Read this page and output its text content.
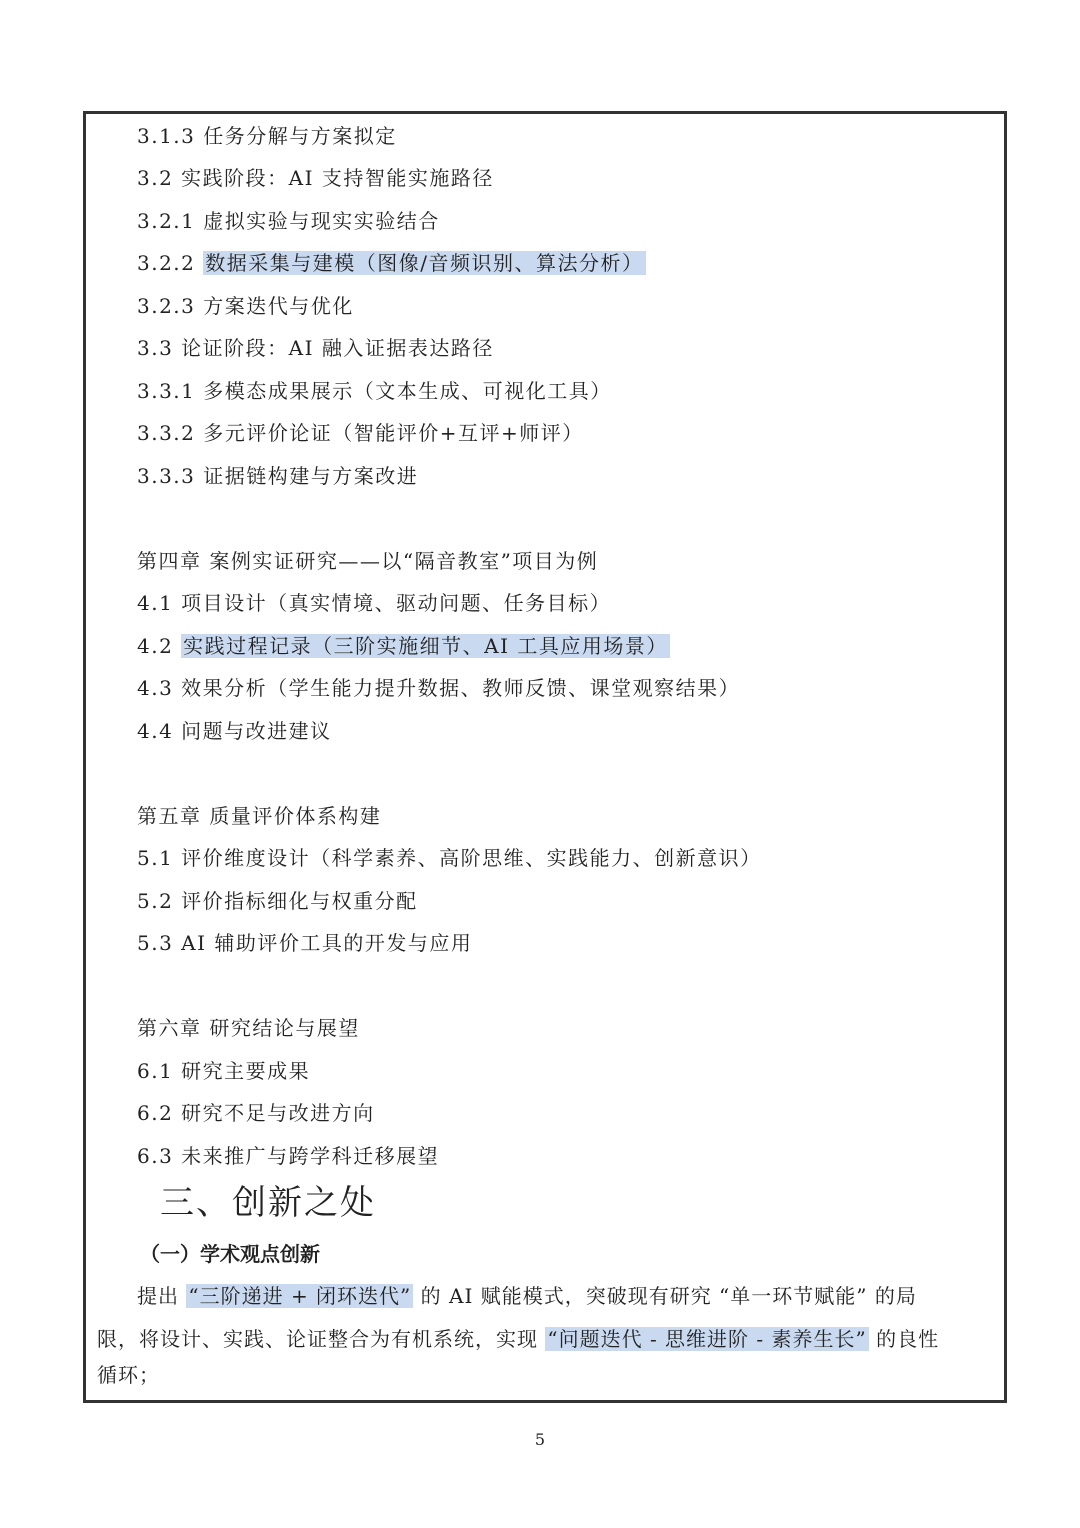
3.1.3 任务分解与方案拟定
3.2 实践阶段：AI 支持智能实施路径
3.2.1 虚拟实验与现实实验结合
3.2.2 数据采集与建模（图像/音频识别、算法分析）
3.2.3 方案迭代与优化
3.3 论证阶段：AI 融入证据表达路径
3.3.1 多模态成果展示（文本生成、可视化工具）
3.3.2 多元评价论证（智能评价+互评+师评）
3.3.3 证据链构建与方案改进
第四章 案例实证研究——以“隔音教室”项目为例
4.1 项目设计（真实情境、驱动问题、任务目标）
4.2 实践过程记录（三阶实施细节、AI 工具应用场景）
4.3 效果分析（学生能力提升数据、教师反馈、课堂观察结果）
4.4 问题与改进建议
第五章 质量评价体系构建
5.1 评价维度设计（科学素养、高阶思维、实践能力、创新意识）
5.2 评价指标细化与权重分配
5.3 AI 辅助评价工具的开发与应用
第六章 研究结论与展望
6.1 研究主要成果
6.2 研究不足与改进方向
6.3 未来推广与跨学科迁移展望
三、创新之处
（一）学术观点创新
提出 “三阶递进 + 闭环迭代” 的 AI 赋能模式，突破现有研究 “单一环节赋能” 的局
限，将设计、实践、论证整合为有机系统，实现 “问题迭代 - 思维进阶 - 素养生长” 的良性
循环；
5
